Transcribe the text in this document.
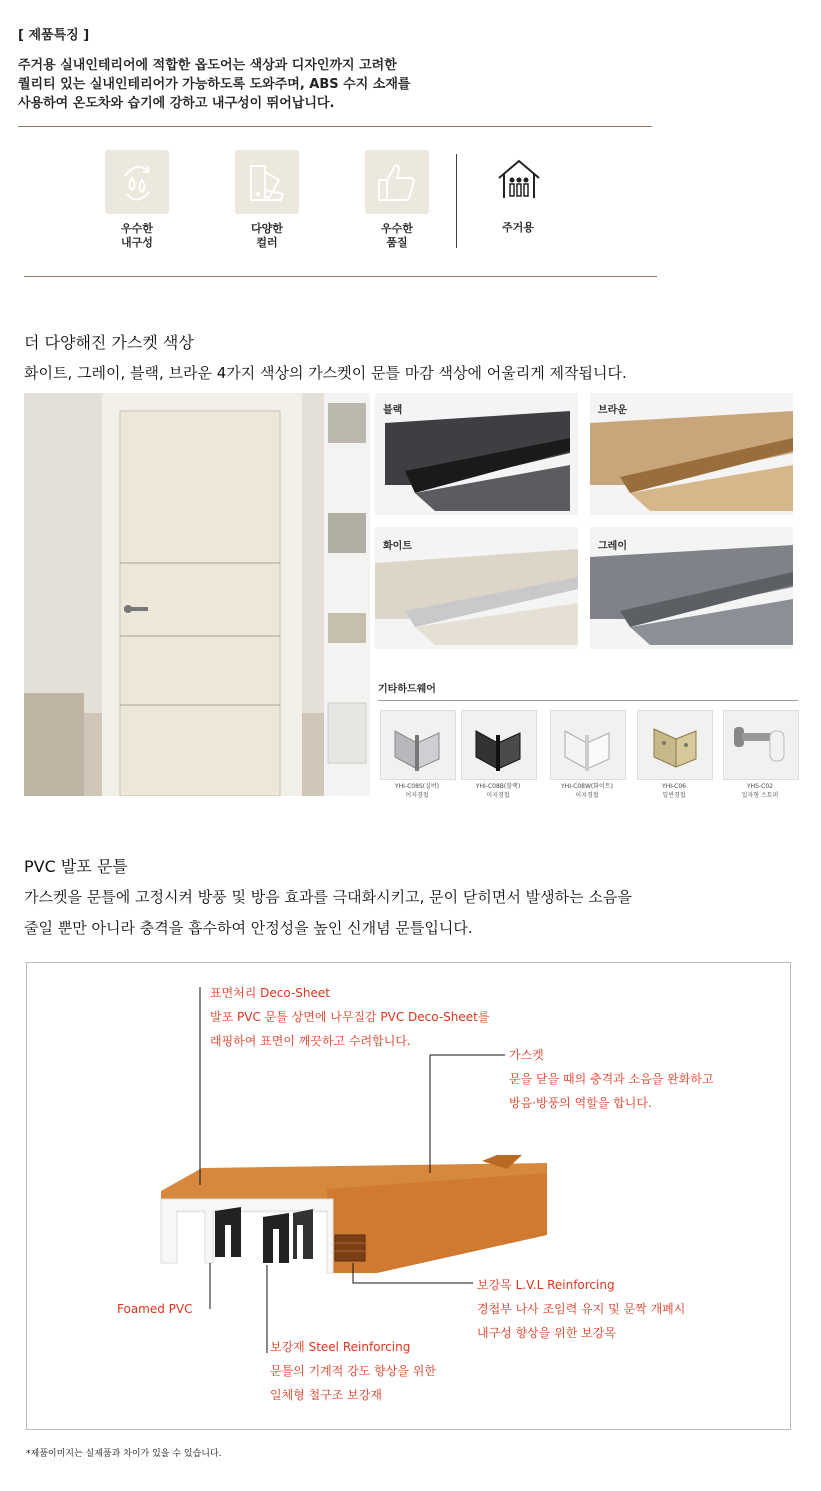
[ 제품특징 ]
주거용 실내인테리어에 적합한 옵도어는 색상과 디자인까지 고려한
퀄리티 있는 실내인테리어가 가능하도록 도와주며, ABS 수지 소재를
사용하여 온도차와 습기에 강하고 내구성이 뛰어납니다.
우수한
내구성
다양한
컬러
우수한
품질
주거용
더 다양해진 가스켓 색상
화이트, 그레이, 블랙, 브라운 4가지 색상의 가스켓이 문틀 마감 색상에 어울리게 제작됩니다.
블랙	브라운
화이트	그레이
기타하드웨어
YHI-C08S(실버)
이지경첩
YHI-C08B(블랙)
이지경첩
YHI-C08W(화이트)
이지경첩
YHI-C06
일반경첩
YHS-C02
일자형 스토퍼
PVC 발포 문틀
가스켓을 문틀에 고정시켜 방풍 및 방음 효과를 극대화시키고, 문이 닫히면서 발생하는 소음을
줄일 뿐만 아니라 충격을 흡수하여 안정성을 높인 신개념 문틀입니다.
표면처리 Deco-Sheet
발포 PVC 문틀 상면에 나무질감 PVC Deco-Sheet를
래핑하여 표면이 깨끗하고 수려합니다.
가스켓
문을 닫을 때의 충격과 소음을 완화하고
방음·방풍의 역할을 합니다.
보강목 L.V.L Reinforcing
경첩부 나사 조임력 유지 및 문짝 개폐시
내구성 향상을 위한 보강목
Foamed PVC
보강재 Steel Reinforcing
문틀의 기계적 강도 향상을 위한
일체형 철구조 보강재
*제품이미지는 실제품과 차이가 있을 수 있습니다.
